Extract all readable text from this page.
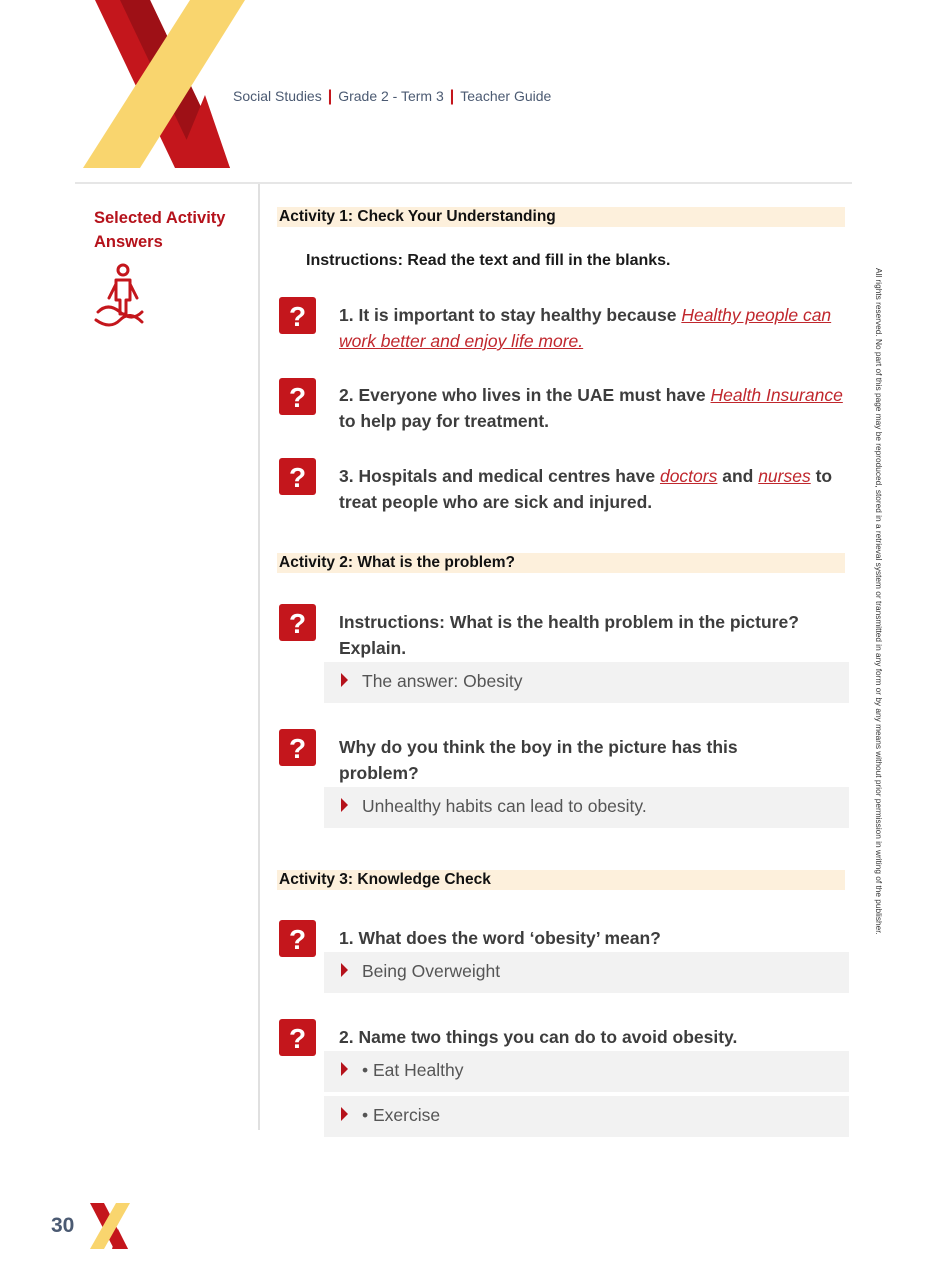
Social Studies | Grade 2 - Term 3 | Teacher Guide
Selected Activity
Answers
Activity 1: Check Your Understanding
Instructions: Read the text and fill in the blanks.
? 1. It is important to stay healthy because Healthy people can work better and enjoy life more.
? 2. Everyone who lives in the UAE must have Health Insurance to help pay for treatment.
? 3. Hospitals and medical centres have doctors and nurses to treat people who are sick and injured.
Activity 2: What is the problem?
? Instructions: What is the health problem in the picture? Explain.
The answer: Obesity
? Why do you think the boy in the picture has this problem?
Unhealthy habits can lead to obesity.
Activity 3: Knowledge Check
? 1. What does the word ‘obesity’ mean?
Being Overweight
? 2. Name two things you can do to avoid obesity.
• Eat Healthy
• Exercise
All rights reserved. No part of this page may be reproduced, stored in a retrieval system or transmitted in any form or by any means without prior permission in writing of the publisher.
30
